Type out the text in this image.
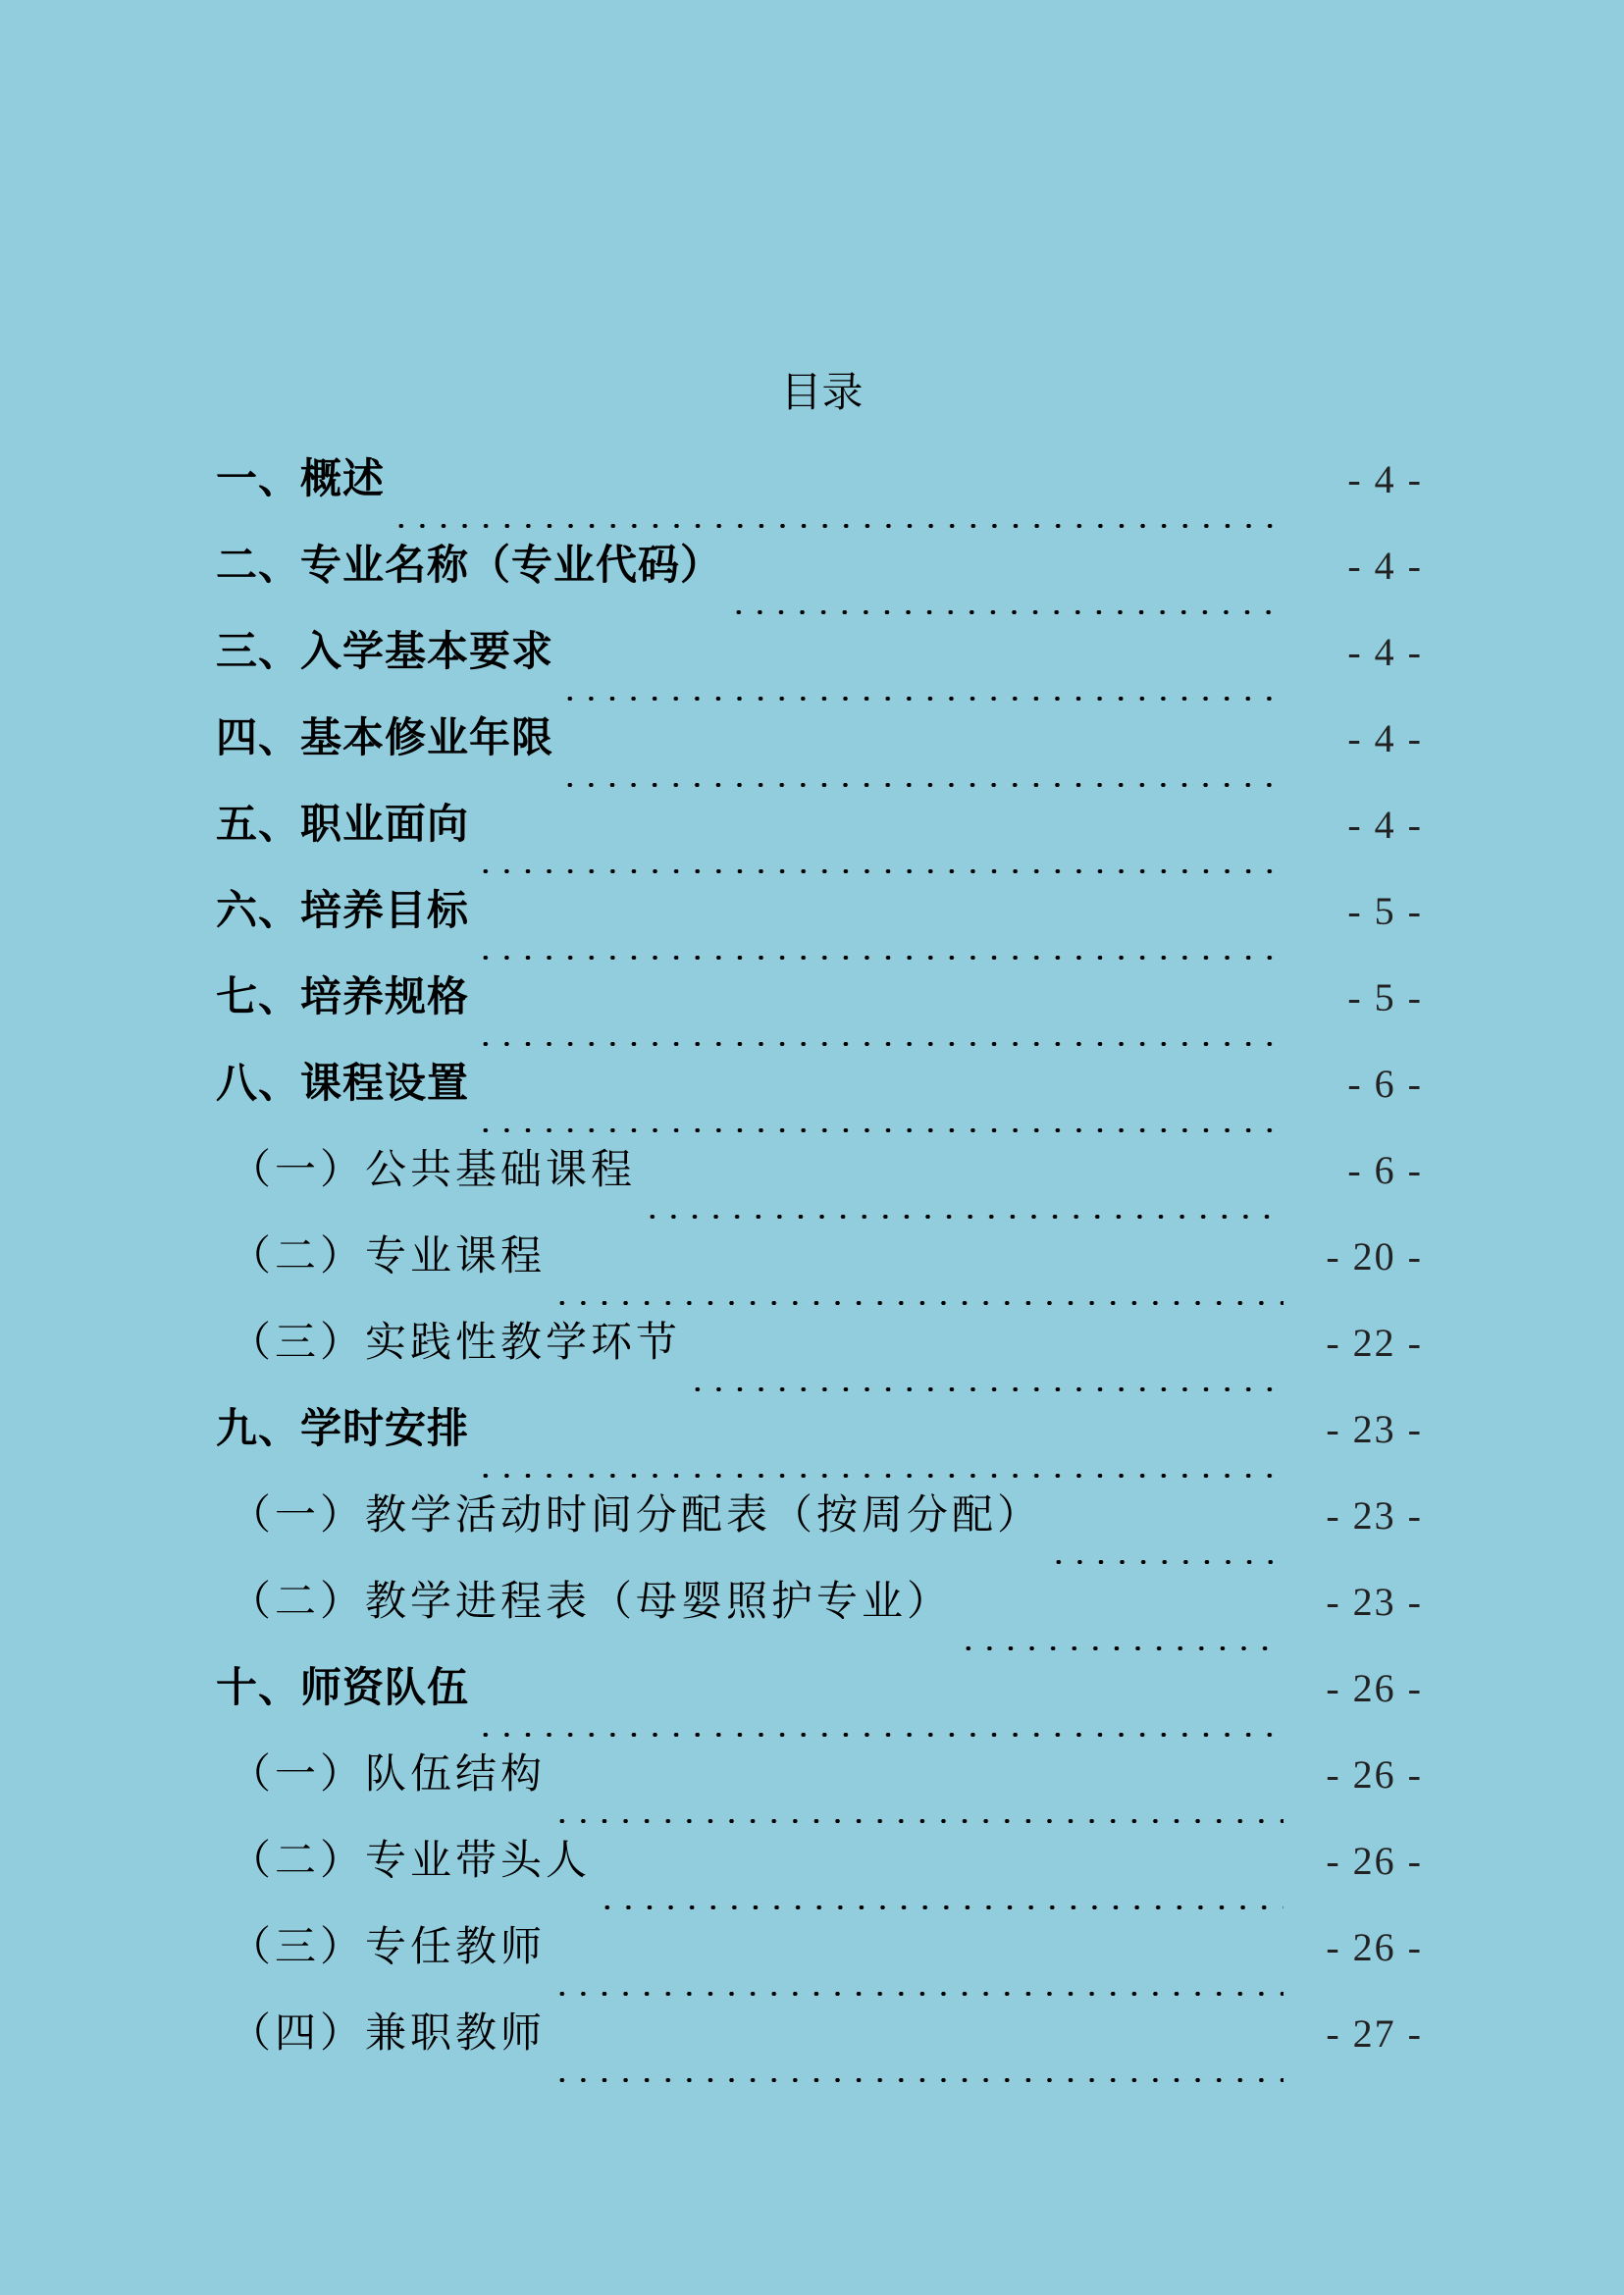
目录
一、概述	- 4 -
二、专业名称（专业代码）	- 4 -
三、入学基本要求	- 4 -
四、基本修业年限	- 4 -
五、职业面向	- 4 -
六、培养目标	- 5 -
七、培养规格	- 5 -
八、课程设置	- 6 -
（一）公共基础课程	- 6 -
（二）专业课程	- 20 -
（三）实践性教学环节	- 22 -
九、学时安排	- 23 -
（一）教学活动时间分配表（按周分配）	- 23 -
（二）教学进程表（母婴照护专业）	- 23 -
十、师资队伍	- 26 -
（一）队伍结构	- 26 -
（二）专业带头人	- 26 -
（三）专任教师	- 26 -
（四）兼职教师	- 27 -
